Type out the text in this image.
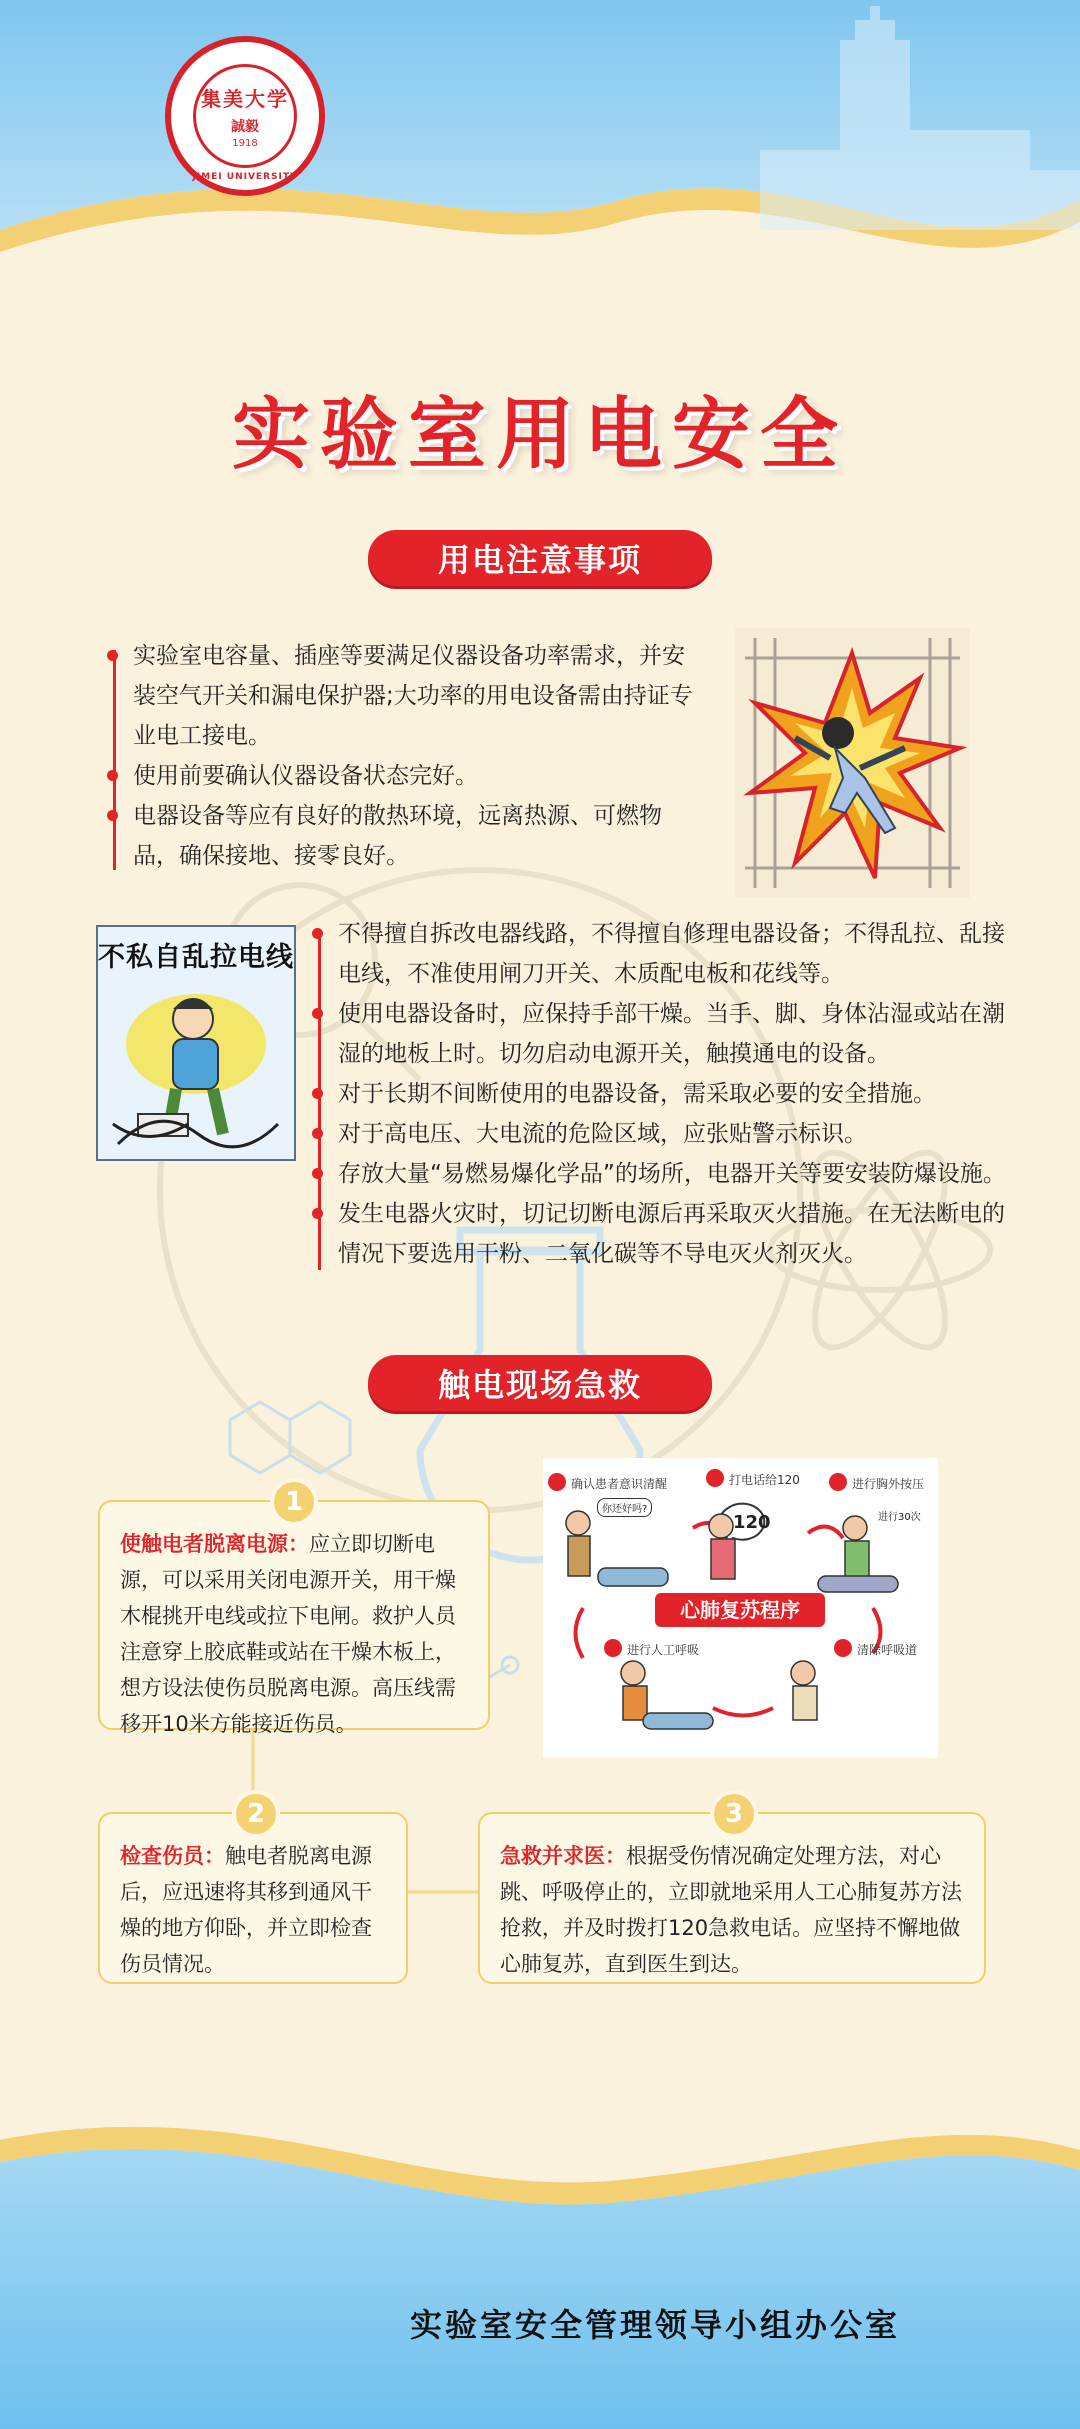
集美大学
誠毅
1918
JIMEI UNIVERSITY
实验室用电安全
用电注意事项
实验室电容量、插座等要满足仪器设备功率需求，并安装空气开关和漏电保护器;大功率的用电设备需由持证专业电工接电。
使用前要确认仪器设备状态完好。
电器设备等应有良好的散热环境，远离热源、可燃物品，确保接地、接零良好。
不私自乱拉电线
不得擅自拆改电器线路，不得擅自修理电器设备；不得乱拉、乱接电线，不准使用闸刀开关、木质配电板和花线等。
使用电器设备时，应保持手部干燥。当手、脚、身体沾湿或站在潮湿的地板上时。切勿启动电源开关，触摸通电的设备。
对于长期不间断使用的电器设备，需采取必要的安全措施。
对于高电压、大电流的危险区域，应张贴警示标识。
存放大量“易燃易爆化学品”的场所，电器开关等要安装防爆设施。
发生电器火灾时，切记切断电源后再采取灭火措施。在无法断电的情况下要选用干粉、二氧化碳等不导电灭火剂灭火。
触电现场急救
使触电者脱离电源：应立即切断电源，可以采用关闭电源开关，用干燥木棍挑开电线或拉下电闸。救护人员注意穿上胶底鞋或站在干燥木板上，想方设法使伤员脱离电源。高压线需移开10米方能接近伤员。
1
心肺复苏程序
确认患者意识清醒	打电话给120	进行胸外按压
清除呼吸道
进行人工呼吸
你还好吗?
120	进行30次
检查伤员：触电者脱离电源后，应迅速将其移到通风干燥的地方仰卧，并立即检查伤员情况。
2
急救并求医：根据受伤情况确定处理方法，对心跳、呼吸停止的，立即就地采用人工心肺复苏方法抢救，并及时拨打120急救电话。应坚持不懈地做心肺复苏，直到医生到达。
3
实验室安全管理领导小组办公室
